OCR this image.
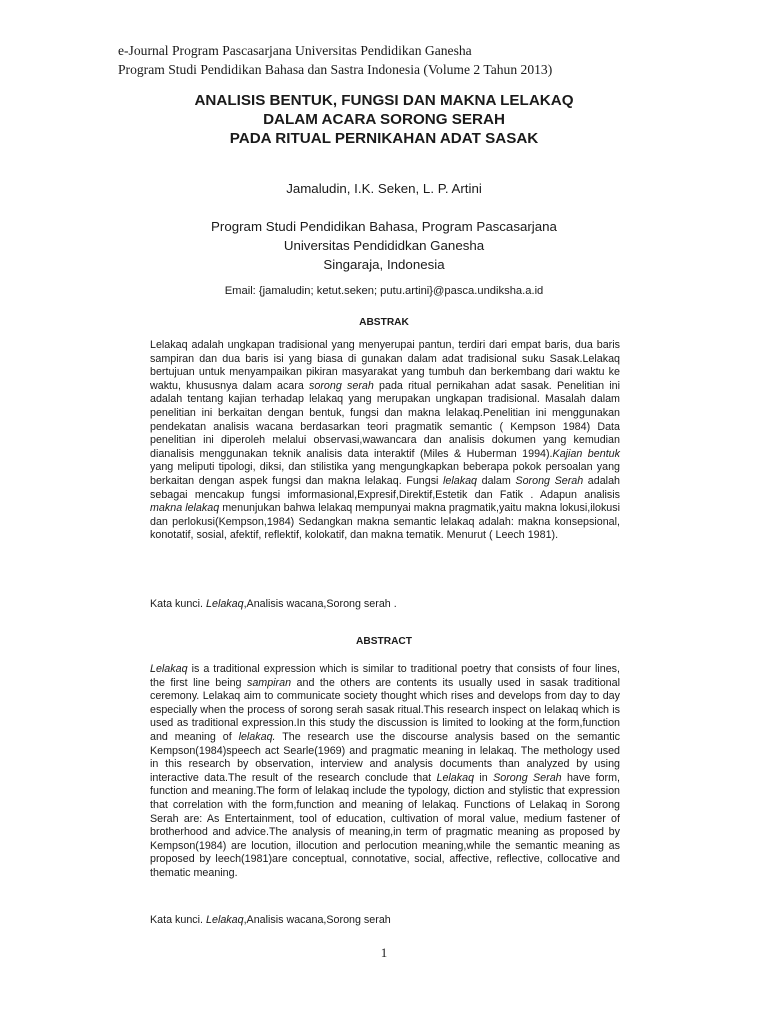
e-Journal Program Pascasarjana Universitas Pendidikan Ganesha
Program Studi Pendidikan Bahasa dan Sastra Indonesia (Volume 2 Tahun 2013)
ANALISIS BENTUK, FUNGSI DAN MAKNA LELAKAQ
DALAM ACARA SORONG SERAH
PADA RITUAL PERNIKAHAN ADAT SASAK
Jamaludin, I.K. Seken, L. P. Artini
Program Studi Pendidikan Bahasa, Program Pascasarjana
Universitas Pendididkan Ganesha
Singaraja, Indonesia
Email: {jamaludin; ketut.seken; putu.artini}@pasca.undiksha.a.id
ABSTRAK

Lelakaq adalah ungkapan tradisional yang menyerupai pantun, terdiri dari empat baris, dua baris sampiran dan dua baris isi yang biasa di gunakan dalam adat tradisional suku Sasak.Lelakaq bertujuan untuk menyampaikan pikiran masyarakat yang tumbuh dan berkembang dari waktu ke waktu, khususnya dalam acara sorong serah pada ritual pernikahan adat sasak. Penelitian ini adalah tentang kajian terhadap lelakaq yang merupakan ungkapan tradisional. Masalah dalam penelitian ini berkaitan dengan bentuk, fungsi dan makna lelakaq.Penelitian ini menggunakan pendekatan analisis wacana berdasarkan teori pragmatik semantic ( Kempson 1984) Data penelitian ini diperoleh melalui observasi,wawancara dan analisis dokumen yang kemudian dianalisis menggunakan teknik analisis data interaktif (Miles & Huberman 1994).Kajian bentuk yang meliputi tipologi, diksi, dan stilistika yang mengungkapkan beberapa pokok persoalan yang berkaitan dengan aspek fungsi dan makna lelakaq. Fungsi lelakaq dalam Sorong Serah adalah sebagai mencakup fungsi imformasional,Expresif,Direktif,Estetik dan Fatik . Adapun analisis makna lelakaq menunjukan bahwa lelakaq mempunyai makna pragmatik,yaitu makna lokusi,ilokusi dan perlokusi(Kempson,1984) Sedangkan makna semantic lelakaq adalah: makna konsepsional, konotatif, sosial, afektif, reflektif, kolokatif, dan makna tematik. Menurut ( Leech 1981).

Kata kunci. Lelakaq,Analisis wacana,Sorong serah .

ABSTRACT

Lelakaq is a traditional expression which is similar to traditional poetry that consists of four lines, the first line being sampiran and the others are contents its usually used in sasak traditional ceremony. Lelakaq aim to communicate society thought which rises and develops from day to day especially when the process of sorong serah sasak ritual.This research inspect on lelakaq which is used as traditional expression.In this study the discussion is limited to looking at the form,function and meaning of lelakaq. The research use the discourse analysis based on the semantic Kempson(1984)speech act Searle(1969) and pragmatic meaning in lelakaq. The methology used in this research by observation, interview and analysis documents than analyzed by using interactive data.The result of the research conclude that Lelakaq in Sorong Serah have form, function and meaning.The form of lelakaq include the typology, diction and stylistic that expression that correlation with the form,function and meaning of lelakaq. Functions of Lelakaq in Sorong Serah are: As Entertainment, tool of education, cultivation of moral value, medium fastener of brotherhood and advice.The analysis of meaning,in term of pragmatic meaning as proposed by Kempson(1984) are locution, illocution and perlocution meaning,while the semantic meaning as proposed by leech(1981)are conceptual, connotative, social, affective, reflective, collocative and thematic meaning.

Kata kunci. Lelakaq,Analisis wacana,Sorong serah

1
